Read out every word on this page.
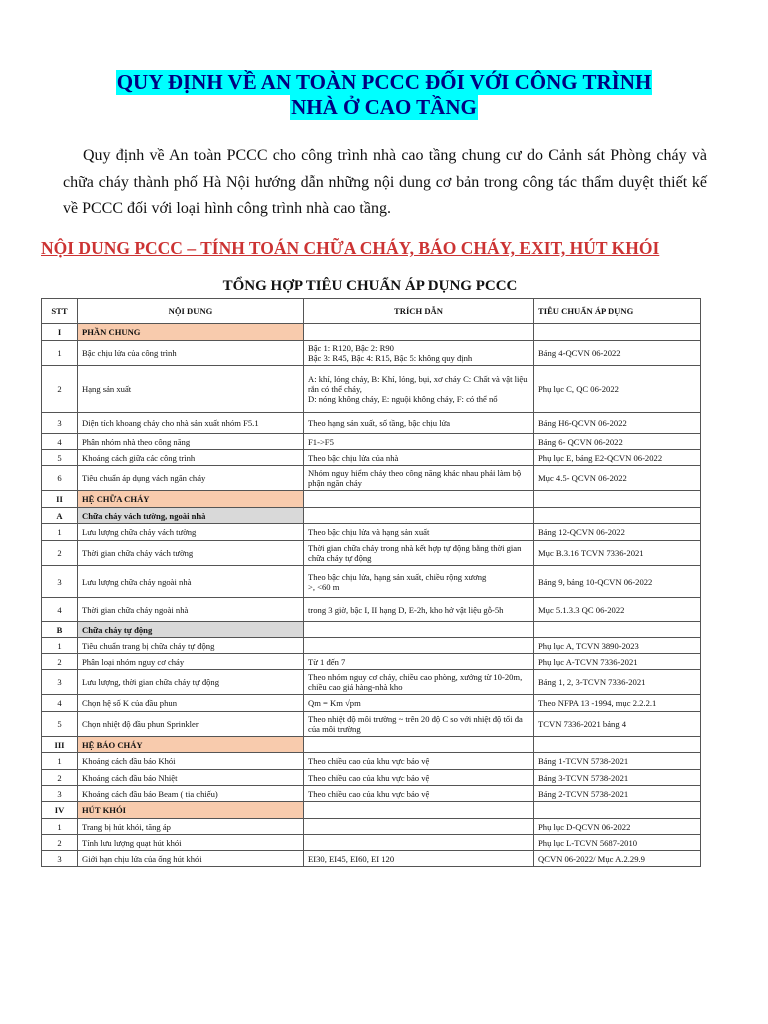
QUY ĐỊNH VỀ AN TOÀN PCCC ĐỐI VỚI CÔNG TRÌNH
NHÀ Ở CAO TẦNG

Quy định về An toàn PCCC cho công trình nhà cao tầng chung cư do Cảnh sát Phòng cháy và chữa cháy thành phố Hà Nội hướng dẫn những nội dung cơ bản trong công tác thẩm duyệt thiết kế về PCCC đối với loại hình công trình nhà cao tầng.

NỘI DUNG PCCC – TÍNH TOÁN CHỮA CHÁY, BÁO CHÁY, EXIT, HÚT KHÓI
TỔNG HỢP TIÊU CHUẨN ÁP DỤNG PCCC
STT	NỘI DUNG	TRÍCH DẪN	TIÊU CHUẨN ÁP DỤNG
I	PHẦN CHUNG		
1	Bậc chịu lửa của công trình	Bậc 1: R120, Bậc 2: R90
Bậc 3: R45, Bậc 4: R15, Bậc 5: không quy định	Bảng 4-QCVN 06-2022
2	Hạng sản xuất	A: khí, lỏng cháy, B: Khí, lỏng, bụi, xơ cháy C: Chất và vật liệu rắn có thể cháy,
D: nóng không cháy, E: nguội không cháy, F: có thể nổ	Phụ lục C, QC 06-2022
3	Diện tích khoang cháy cho nhà sản xuất nhóm F5.1	Theo hạng sản xuất, số tầng, bậc chịu lửa	Bảng H6-QCVN 06-2022
4	Phân nhóm nhà theo công năng	F1->F5	Bảng 6- QCVN 06-2022
5	Khoảng cách giữa các công trình	Theo bậc chịu lửa của nhà	Phụ lục E, bảng E2-QCVN 06-2022
6	Tiêu chuẩn áp dụng vách ngăn cháy	Nhóm nguy hiểm cháy theo công năng khác nhau phải làm bộ phận ngăn cháy	Mục 4.5- QCVN 06-2022
II	HỆ CHỮA CHÁY		
A	Chữa cháy vách tường, ngoài nhà		
1	Lưu lượng chữa cháy vách tường	Theo bậc chịu lửa và hạng sản xuất	Bảng 12-QCVN 06-2022
2	Thời gian chữa cháy vách tường	Thời gian chữa cháy trong nhà kết hợp tự động bằng thời gian chữa cháy tự động	Mục B.3.16 TCVN 7336-2021
3	Lưu lượng chữa cháy ngoài nhà	Theo bậc chịu lửa, hạng sản xuất, chiều rộng xương
>, <60 m	Bảng 9, bảng 10-QCVN 06-2022
4	Thời gian chữa cháy ngoài nhà	trong 3 giờ, bậc I, II hạng D, E-2h, kho hở vật liệu gỗ-5h	Mục 5.1.3.3 QC 06-2022
B	Chữa cháy tự động		
1	Tiêu chuẩn trang bị chữa cháy tự động		Phụ lục A, TCVN 3890-2023
2	Phân loại nhóm nguy cơ cháy	Từ 1 đến 7	Phụ lục A-TCVN 7336-2021
3	Lưu lượng, thời gian chữa cháy tự động	Theo nhóm nguy cơ cháy, chiều cao phòng, xưởng từ 10-20m, chiều cao giá hàng-nhà kho	Bảng 1, 2, 3-TCVN 7336-2021
4	Chọn hệ số K của đầu phun	Qm = Km √pm	Theo NFPA 13 -1994, mục 2.2.2.1
5	Chọn nhiệt độ đầu phun Sprinkler	Theo nhiệt độ môi trường ~ trên 20 độ C so với nhiệt độ tối đa của môi trường	TCVN 7336-2021 bảng 4
III	HỆ BÁO CHÁY		
1	Khoảng cách đầu báo Khói	Theo chiều cao của khu vực bảo vệ	Bảng 1-TCVN 5738-2021
2	Khoảng cách đầu báo Nhiệt	Theo chiều cao của khu vực bảo vệ	Bảng 3-TCVN 5738-2021
3	Khoảng cách đầu báo Beam ( tia chiếu)	Theo chiều cao của khu vực bảo vệ	Bảng 2-TCVN 5738-2021
IV	HÚT KHÓI		
1	Trang bị hút khói, tăng áp		Phụ lục D-QCVN 06-2022
2	Tính lưu lượng quạt hút khói		Phụ lục L-TCVN 5687-2010
3	Giới hạn chịu lửa của ống hút khói	EI30, EI45, EI60, EI 120	QCVN 06-2022/ Mục A.2.29.9
